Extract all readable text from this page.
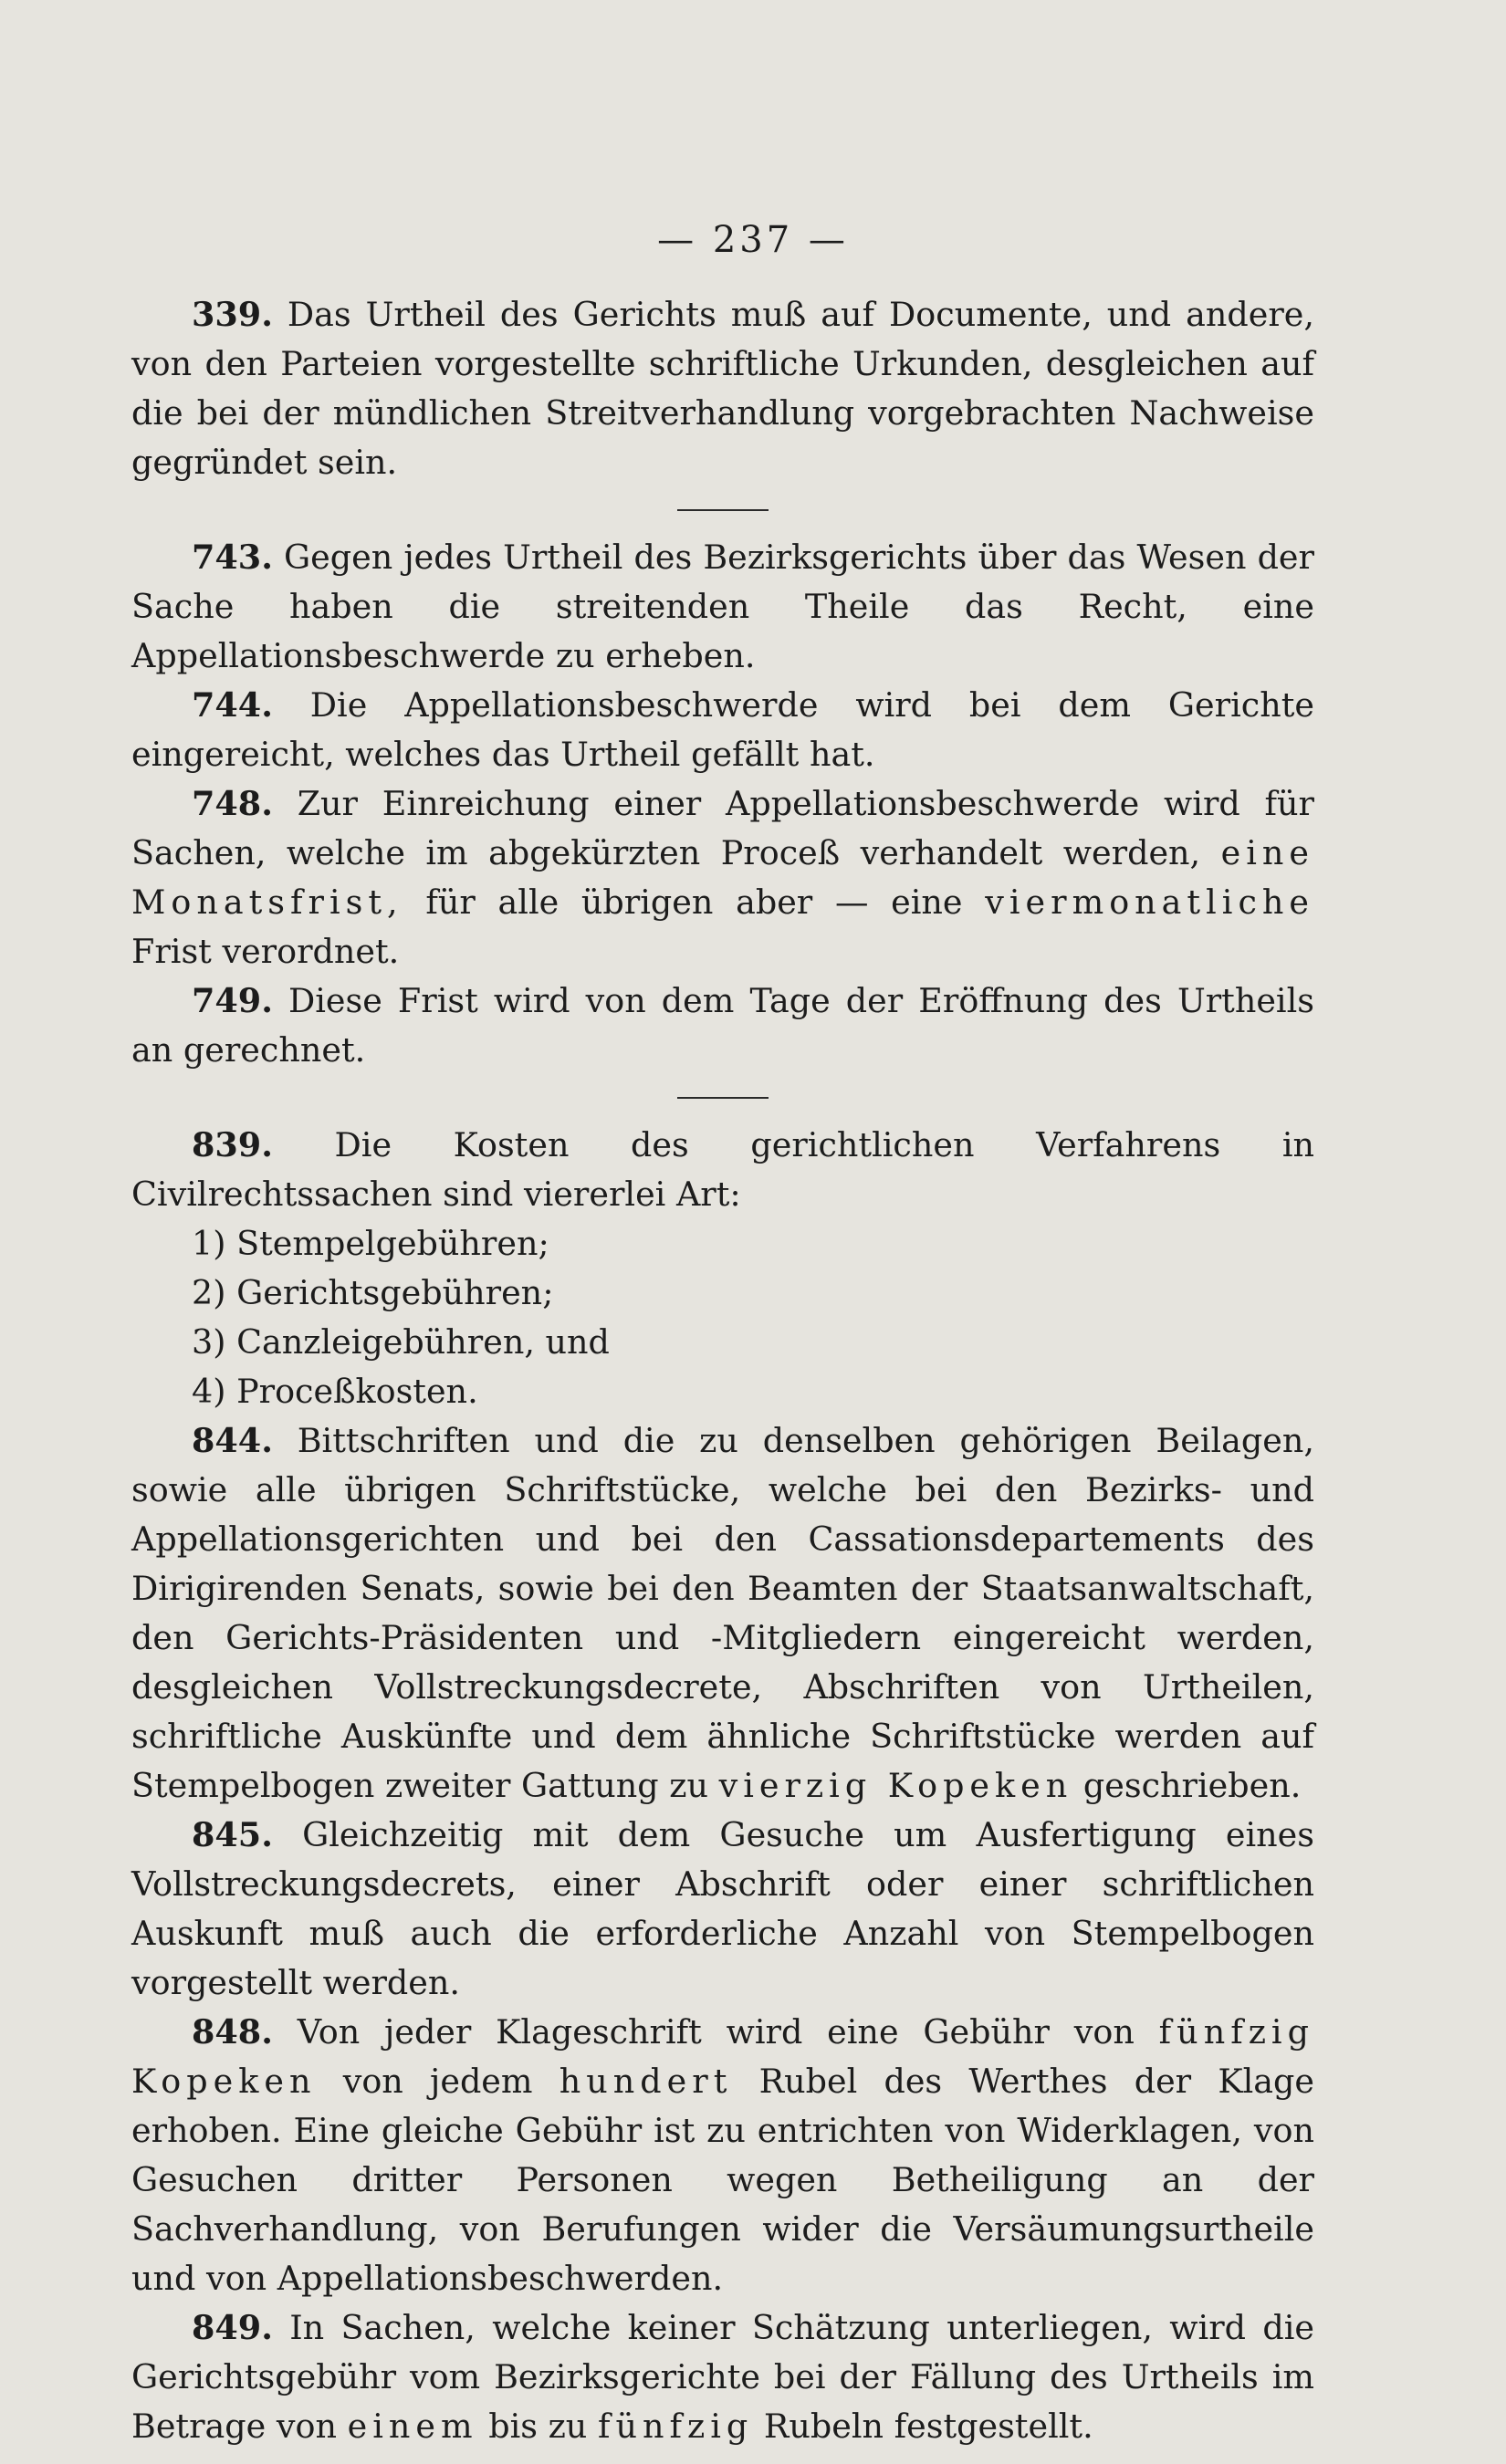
— 237 —

339. Das Urtheil des Gerichts muß auf Documente, und andere, von den Parteien vorgestellte schriftliche Urkunden, desgleichen auf die bei der mündlichen Streitverhandlung vorgebrachten Nachweise gegründet sein.

743. Gegen jedes Urtheil des Bezirksgerichts über das Wesen der Sache haben die streitenden Theile das Recht, eine Appellationsbeschwerde zu erheben.

744. Die Appellationsbeschwerde wird bei dem Gerichte eingereicht, welches das Urtheil gefällt hat.

748. Zur Einreichung einer Appellationsbeschwerde wird für Sachen, welche im abgekürzten Proceß verhandelt werden, eine Monatsfrist, für alle übrigen aber — eine viermonatliche Frist verordnet.

749. Diese Frist wird von dem Tage der Eröffnung des Urtheils an gerechnet.

839. Die Kosten des gerichtlichen Verfahrens in Civilrechtssachen sind viererlei Art:

1) Stempelgebühren;

2) Gerichtsgebühren;

3) Canzleigebühren, und

4) Proceßkosten.

844. Bittschriften und die zu denselben gehörigen Beilagen, sowie alle übrigen Schriftstücke, welche bei den Bezirks- und Appellationsgerichten und bei den Cassationsdepartements des Dirigirenden Senats, sowie bei den Beamten der Staatsanwaltschaft, den Gerichts-Präsidenten und -Mitgliedern eingereicht werden, desgleichen Vollstreckungsdecrete, Abschriften von Urtheilen, schriftliche Auskünfte und dem ähnliche Schriftstücke werden auf Stempelbogen zweiter Gattung zu vierzig Kopeken geschrieben.

845. Gleichzeitig mit dem Gesuche um Ausfertigung eines Vollstreckungsdecrets, einer Abschrift oder einer schriftlichen Auskunft muß auch die erforderliche Anzahl von Stempelbogen vorgestellt werden.

848. Von jeder Klageschrift wird eine Gebühr von fünfzig Kopeken von jedem hundert Rubel des Werthes der Klage erhoben. Eine gleiche Gebühr ist zu entrichten von Widerklagen, von Gesuchen dritter Personen wegen Betheiligung an der Sachverhandlung, von Berufungen wider die Versäumungsurtheile und von Appellationsbeschwerden.

849. In Sachen, welche keiner Schätzung unterliegen, wird die Gerichtsgebühr vom Bezirksgerichte bei der Fällung des Urtheils im Betrage von einem bis zu fünfzig Rubeln festgestellt.
